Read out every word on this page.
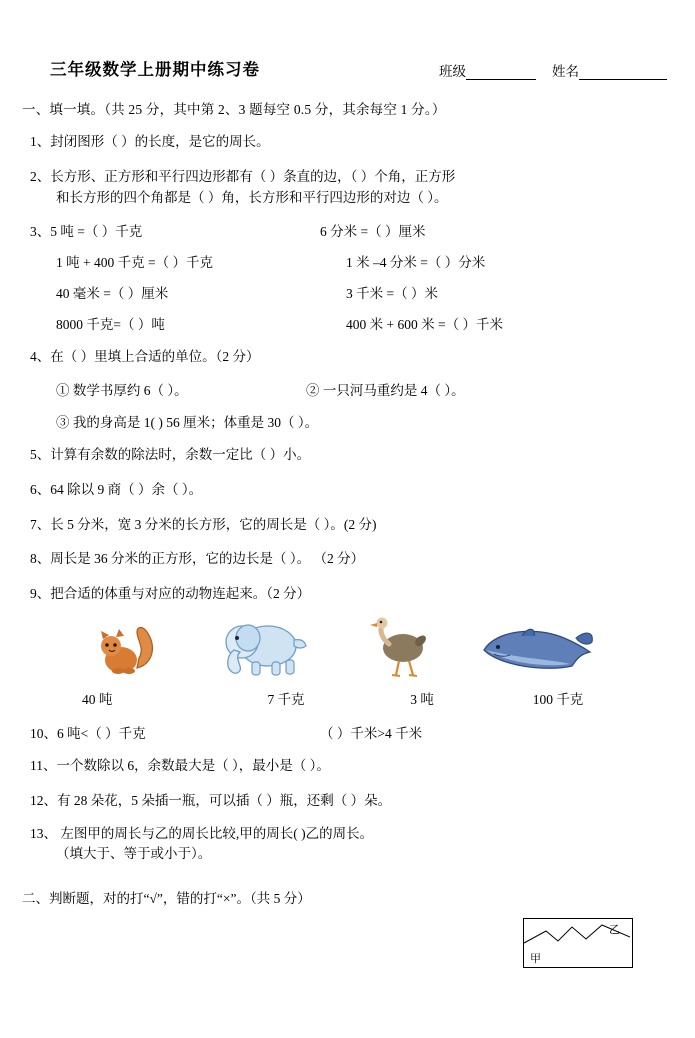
三年级数学上册期中练习卷	班级	姓名
一、填一填。（共 25 分，其中第 2、3 题每空 0.5 分，其余每空 1 分。）
1、封闭图形（ ）的长度，是它的周长。
2、长方形、正方形和平行四边形都有（ ）条直的边，（ ）个角，正方形
和长方形的四个角都是（ ）角，长方形和平行四边形的对边（ ）。
3、5 吨 =（ ）千克	6 分米 =（ ）厘米
1 吨 + 400 千克 =（ ）千克	1 米 –4 分米 =（ ）分米
40 毫米 =（ ）厘米	3 千米 =（ ）米
8000 千克=（ ）吨	400 米 + 600 米 =（ ）千米
4、在（ ）里填上合适的单位。（2 分）
① 数学书厚约 6（ ）。	② 一只河马重约是 4（ ）。
③ 我的身高是 1( ) 56 厘米；体重是 30（ ）。
5、计算有余数的除法时，余数一定比（ ）小。
6、64 除以 9 商（ ）余（ ）。
7、长 5 分米，宽 3 分米的长方形，它的周长是（ ）。(2 分)
8、周长是 36 分米的正方形，它的边长是（ ）。 （2 分）
9、把合适的体重与对应的动物连起来。（2 分）
40 吨	7 千克	3 吨	100 千克
10、6 吨<（ ）千克	（ ）千米>4 千米
11、一个数除以 6，余数最大是（ ），最小是（ ）。
12、有 28 朵花，5 朵插一瓶，可以插（ ）瓶，还剩（ ）朵。
13、 左图甲的周长与乙的周长比较,甲的周长( )乙的周长。
（填大于、等于或小于）。
乙
甲
二、判断题，对的打“√”，错的打“×”。（共 5 分）
